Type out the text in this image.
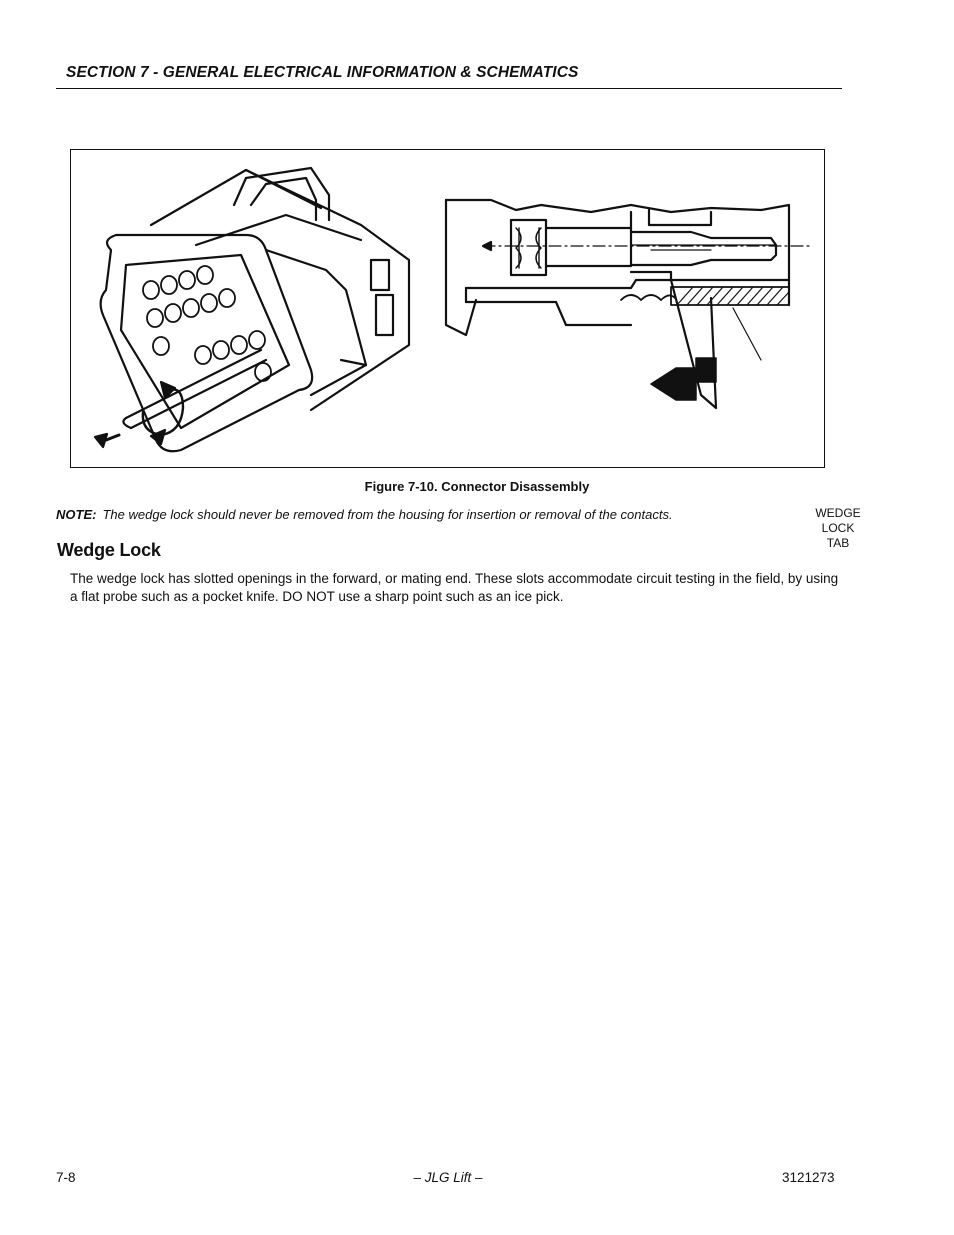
SECTION 7 - GENERAL ELECTRICAL INFORMATION & SCHEMATICS
WEDGE
LOCK
TAB
Figure 7-10. Connector Disassembly
NOTE: The wedge lock should never be removed from the housing for insertion or removal of the contacts.
Wedge Lock
The wedge lock has slotted openings in the forward, or mating end. These slots accommodate circuit testing in the field, by using a flat probe such as a pocket knife. DO NOT use a sharp point such as an ice pick.
7-8	– JLG Lift –	3121273
